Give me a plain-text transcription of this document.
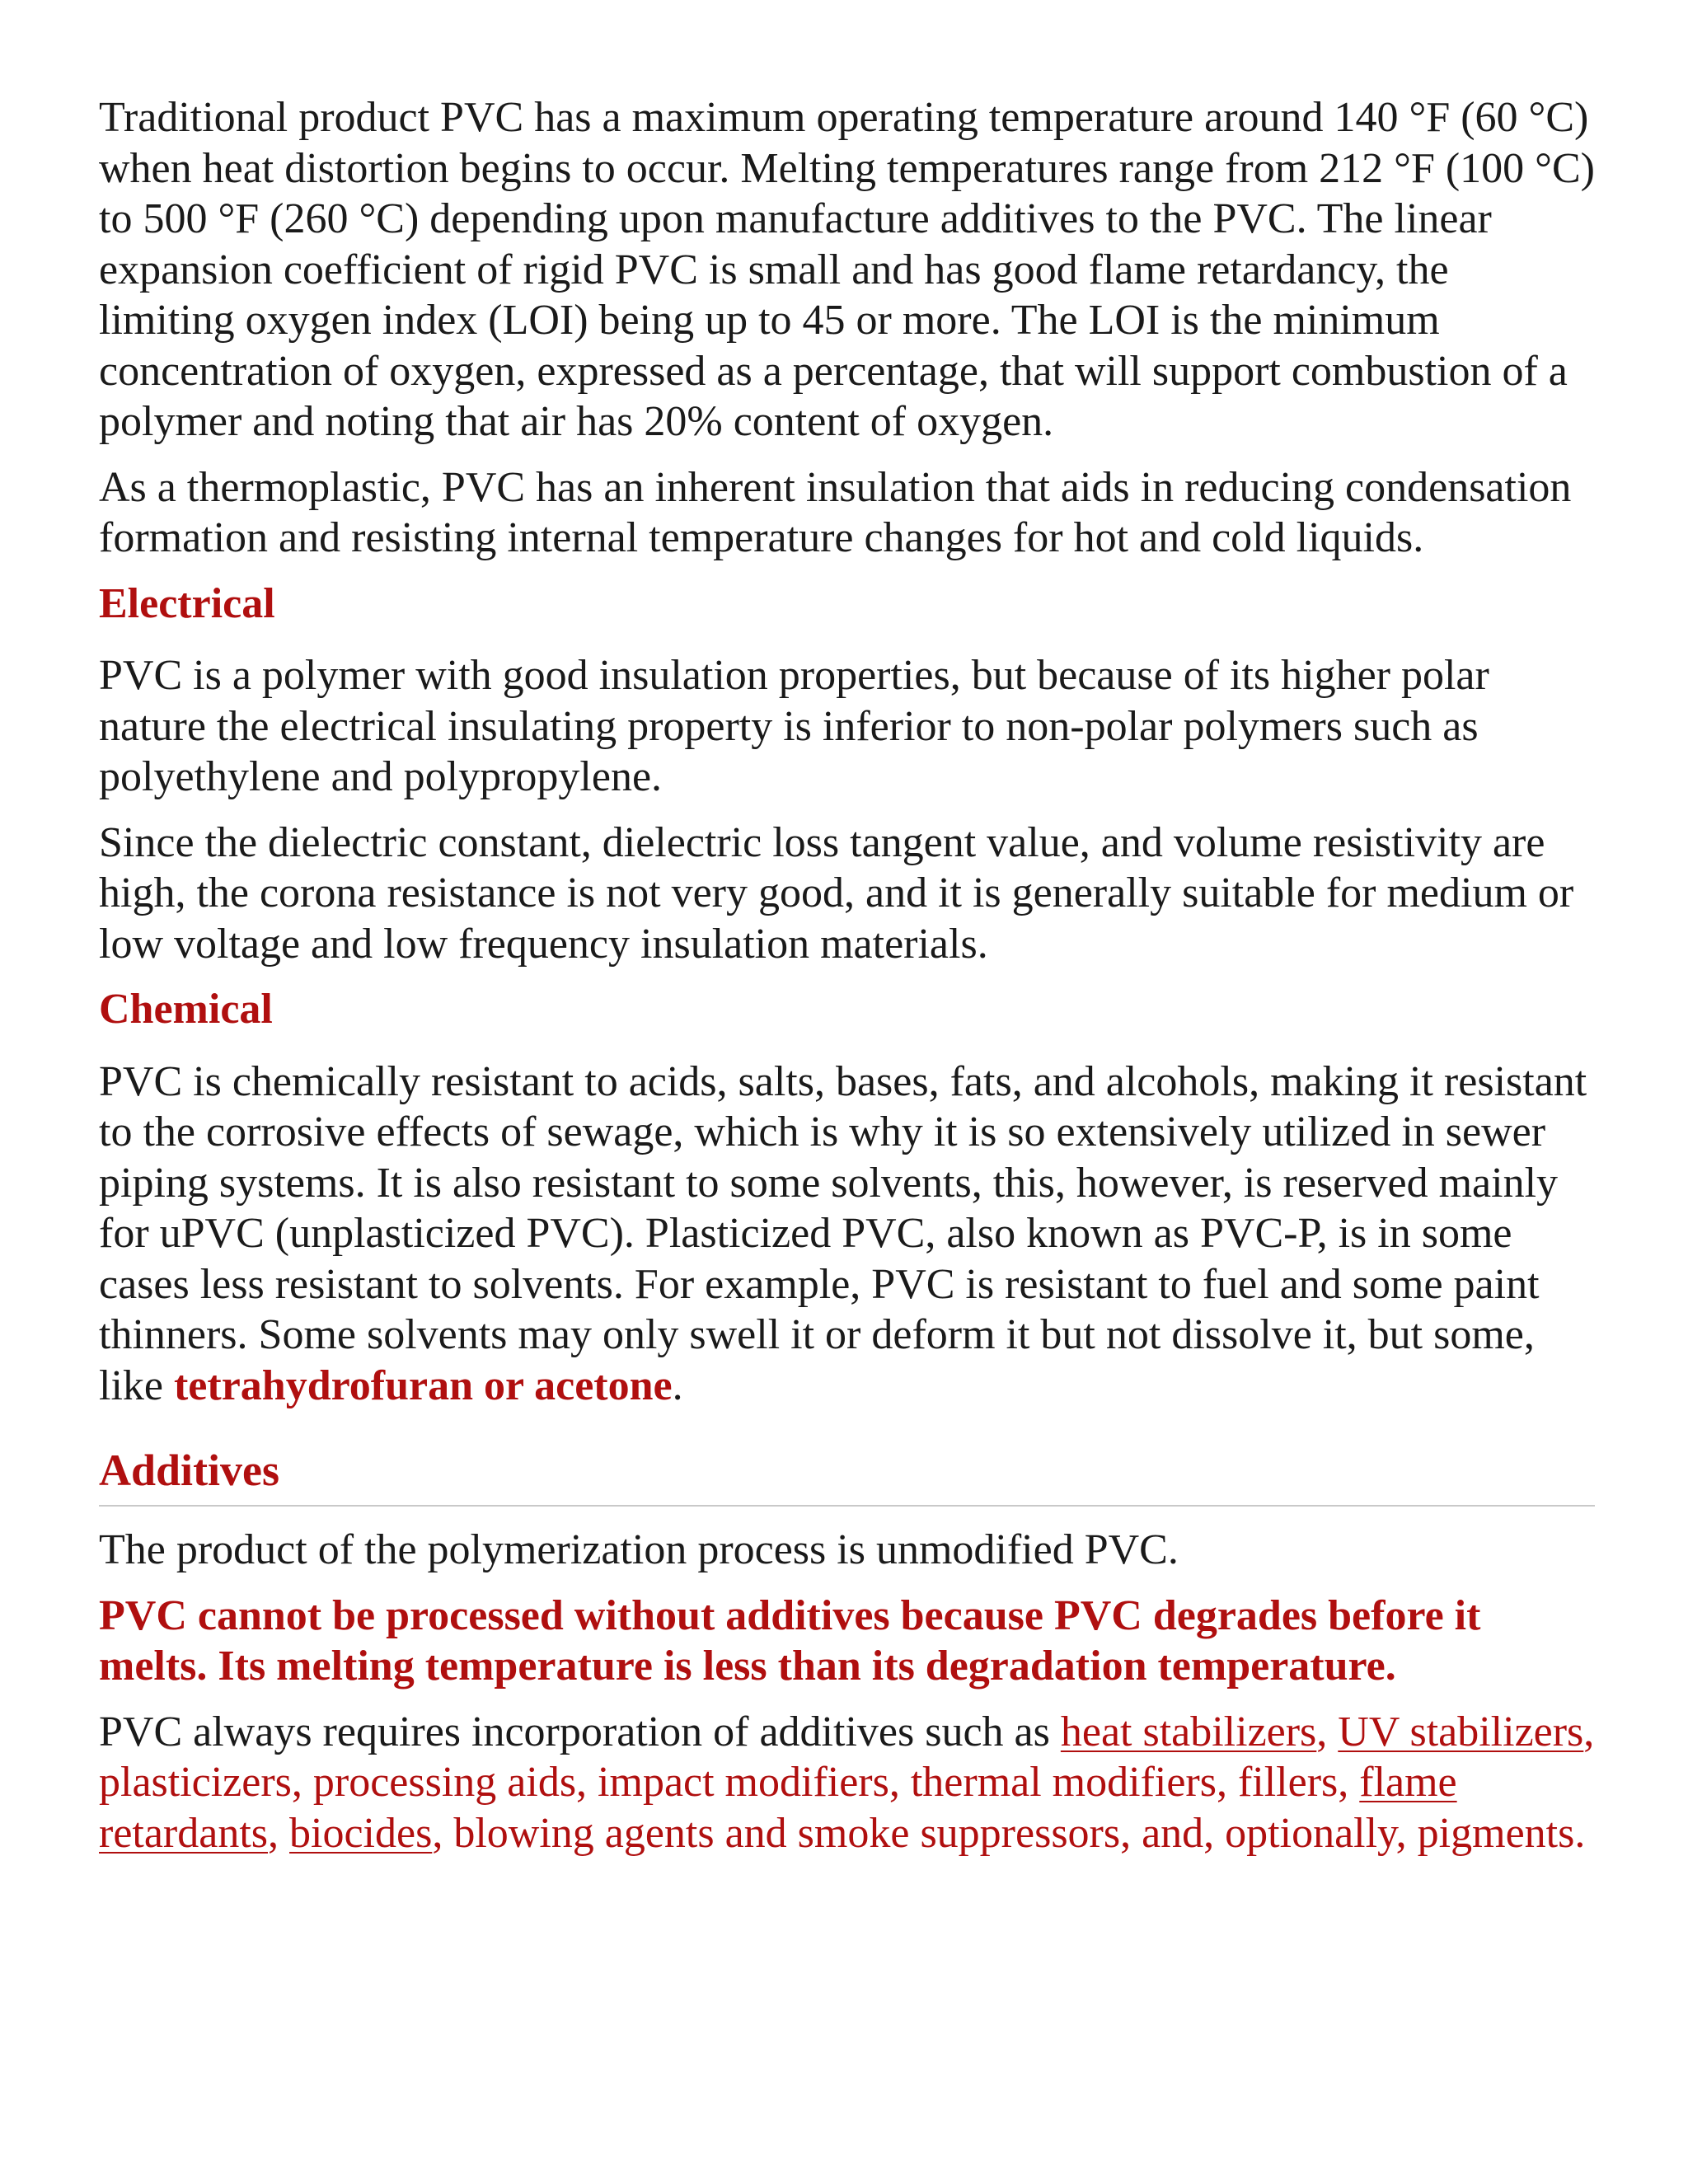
Traditional product PVC has a maximum operating temperature around 140 °F (60 °C) when heat distortion begins to occur. Melting temperatures range from 212 °F (100 °C) to 500 °F (260 °C) depending upon manufacture additives to the PVC. The linear expansion coefficient of rigid PVC is small and has good flame retardancy, the limiting oxygen index (LOI) being up to 45 or more. The LOI is the minimum concentration of oxygen, expressed as a percentage, that will support combustion of a polymer and noting that air has 20% content of oxygen.

As a thermoplastic, PVC has an inherent insulation that aids in reducing condensation formation and resisting internal temperature changes for hot and cold liquids.

Electrical

PVC is a polymer with good insulation properties, but because of its higher polar nature the electrical insulating property is inferior to non-polar polymers such as polyethylene and polypropylene.

Since the dielectric constant, dielectric loss tangent value, and volume resistivity are high, the corona resistance is not very good, and it is generally suitable for medium or low voltage and low frequency insulation materials.

Chemical

PVC is chemically resistant to acids, salts, bases, fats, and alcohols, making it resistant to the corrosive effects of sewage, which is why it is so extensively utilized in sewer piping systems. It is also resistant to some solvents, this, however, is reserved mainly for uPVC (unplasticized PVC). Plasticized PVC, also known as PVC-P, is in some cases less resistant to solvents. For example, PVC is resistant to fuel and some paint thinners. Some solvents may only swell it or deform it but not dissolve it, but some, like tetrahydrofuran or acetone.

Additives

The product of the polymerization process is unmodified PVC.

PVC cannot be processed without additives because PVC degrades before it melts. Its melting temperature is less than its degradation temperature.

PVC always requires incorporation of additives such as heat stabilizers, UV stabilizers, plasticizers, processing aids, impact modifiers, thermal modifiers, fillers, flame retardants, biocides, blowing agents and smoke suppressors, and, optionally, pigments.
